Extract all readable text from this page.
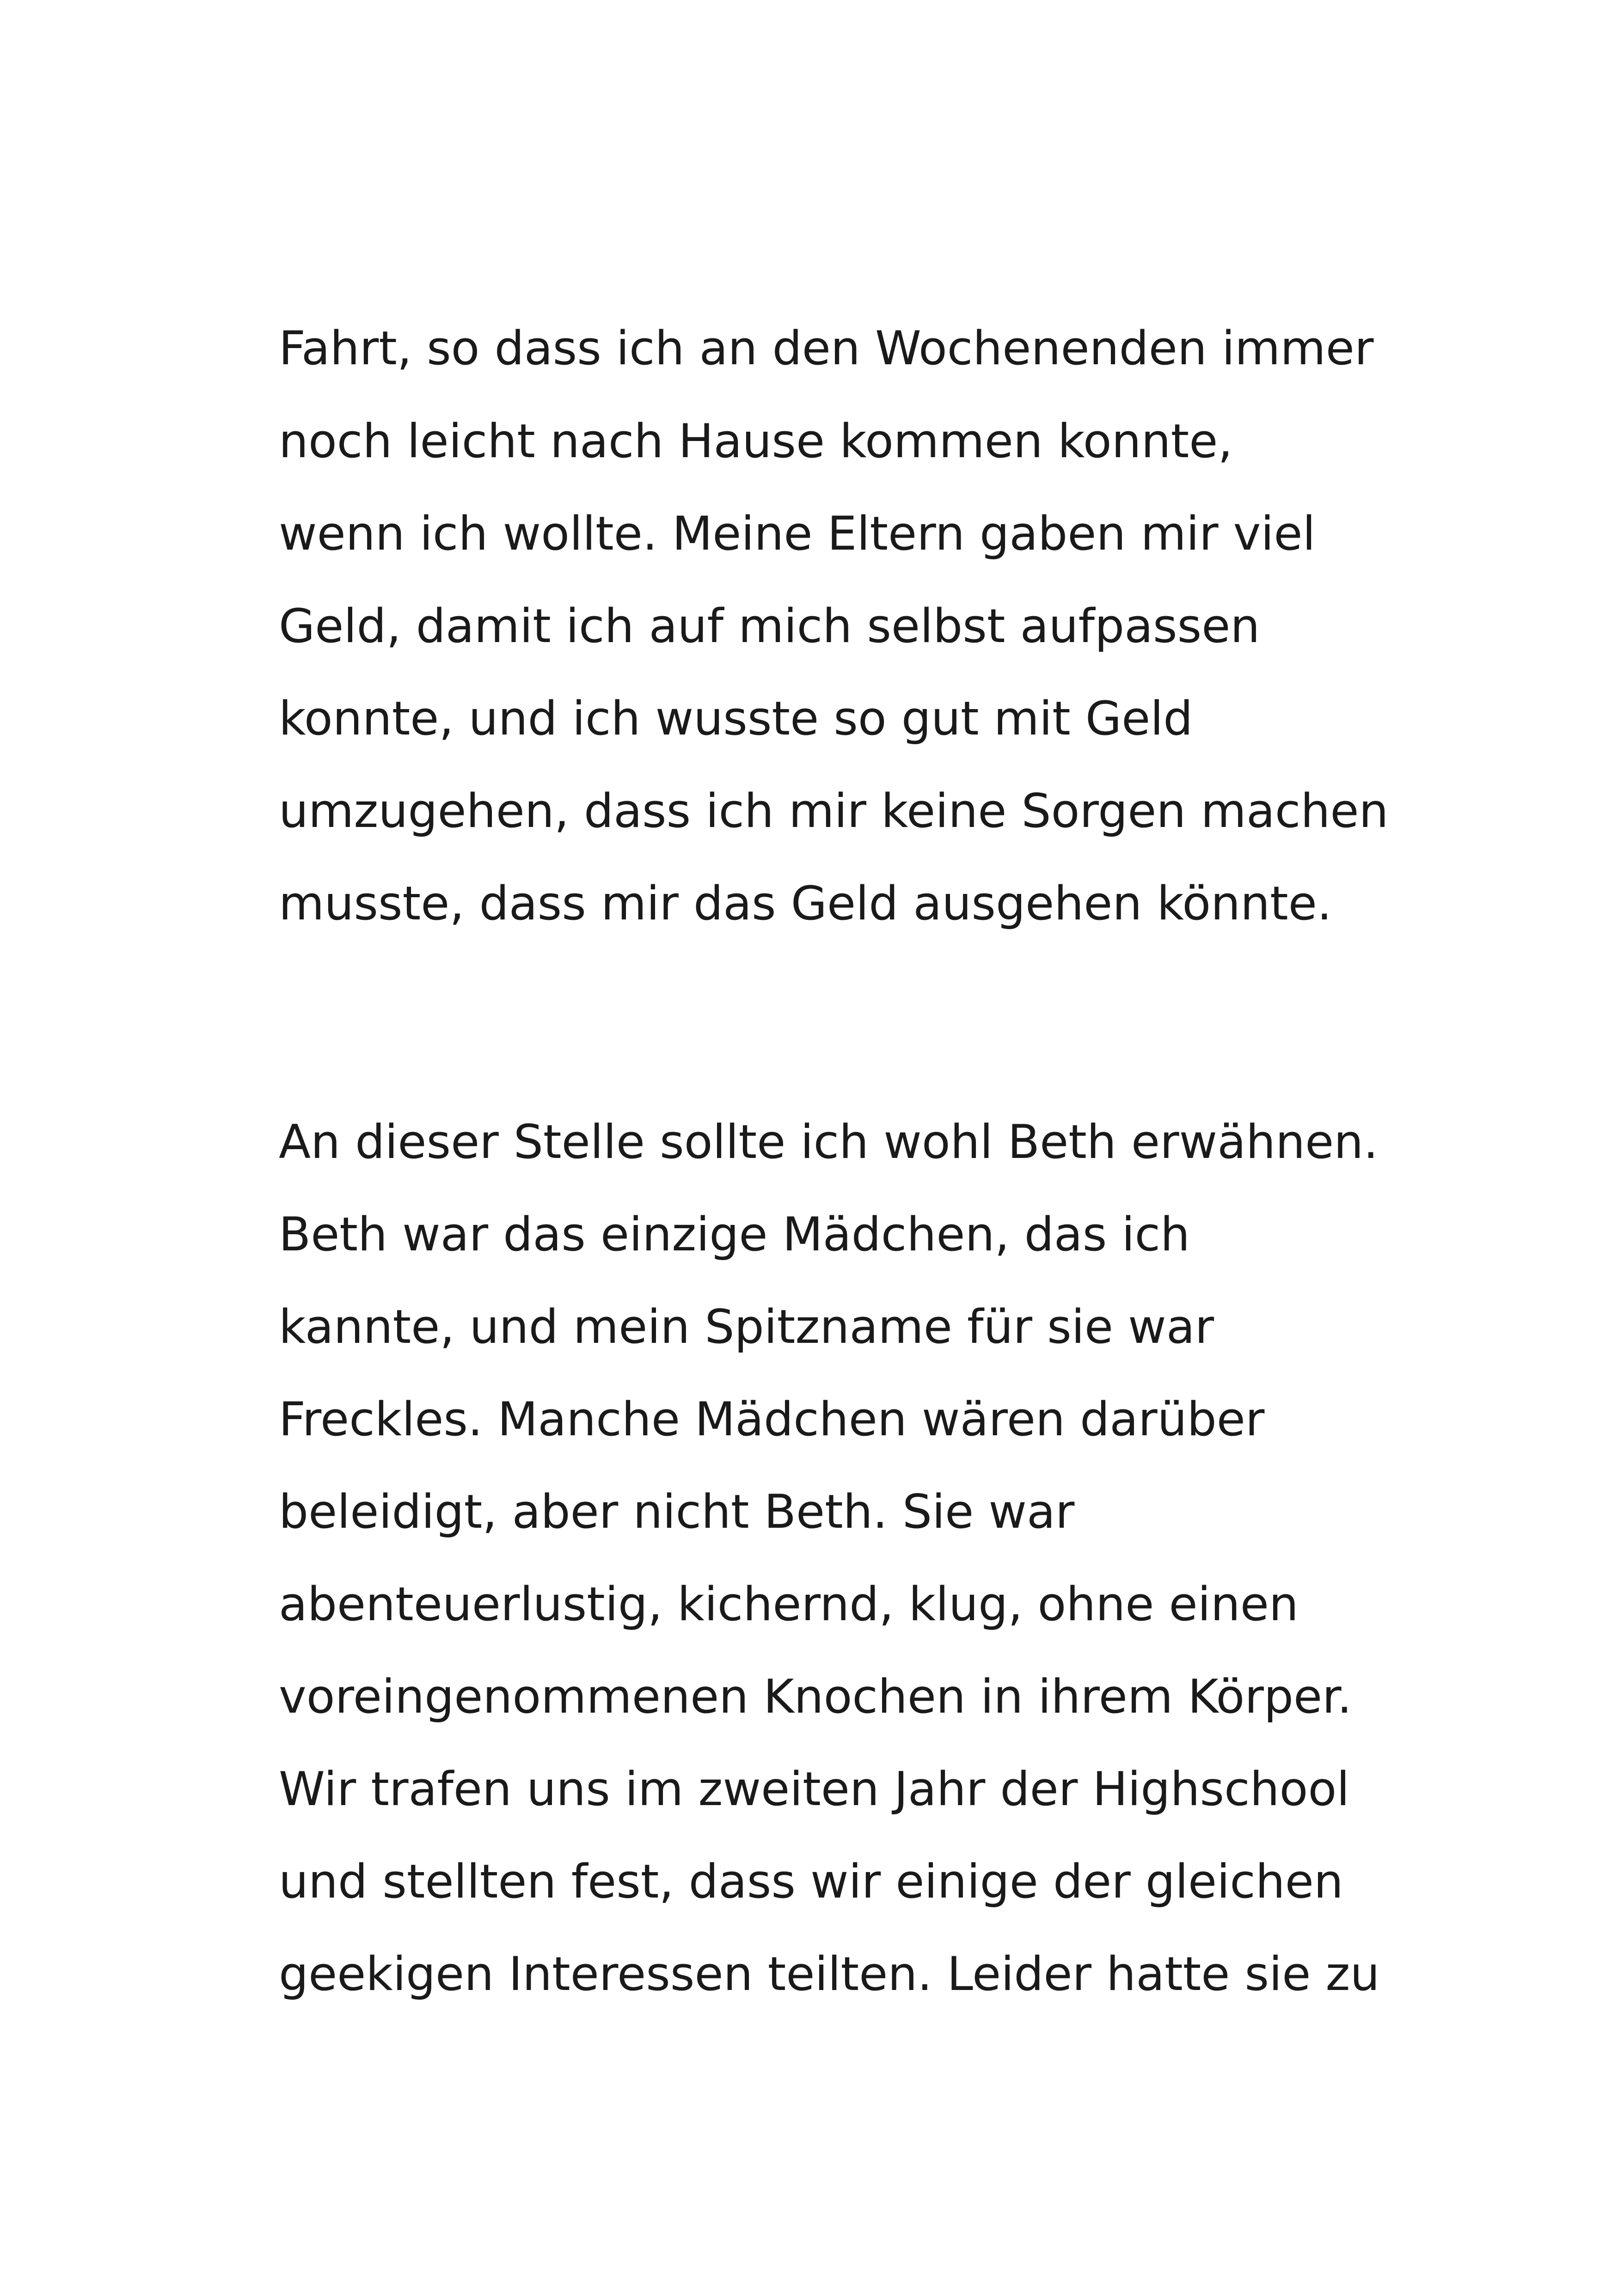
Fahrt, so dass ich an den Wochenenden immer
noch leicht nach Hause kommen konnte,
wenn ich wollte. Meine Eltern gaben mir viel
Geld, damit ich auf mich selbst aufpassen
konnte, und ich wusste so gut mit Geld
umzugehen, dass ich mir keine Sorgen machen
musste, dass mir das Geld ausgehen könnte.
An dieser Stelle sollte ich wohl Beth erwähnen.
Beth war das einzige Mädchen, das ich
kannte, und mein Spitzname für sie war
Freckles. Manche Mädchen wären darüber
beleidigt, aber nicht Beth. Sie war
abenteuerlustig, kichernd, klug, ohne einen
voreingenommenen Knochen in ihrem Körper.
Wir trafen uns im zweiten Jahr der Highschool
und stellten fest, dass wir einige der gleichen
geekigen Interessen teilten. Leider hatte sie zu
